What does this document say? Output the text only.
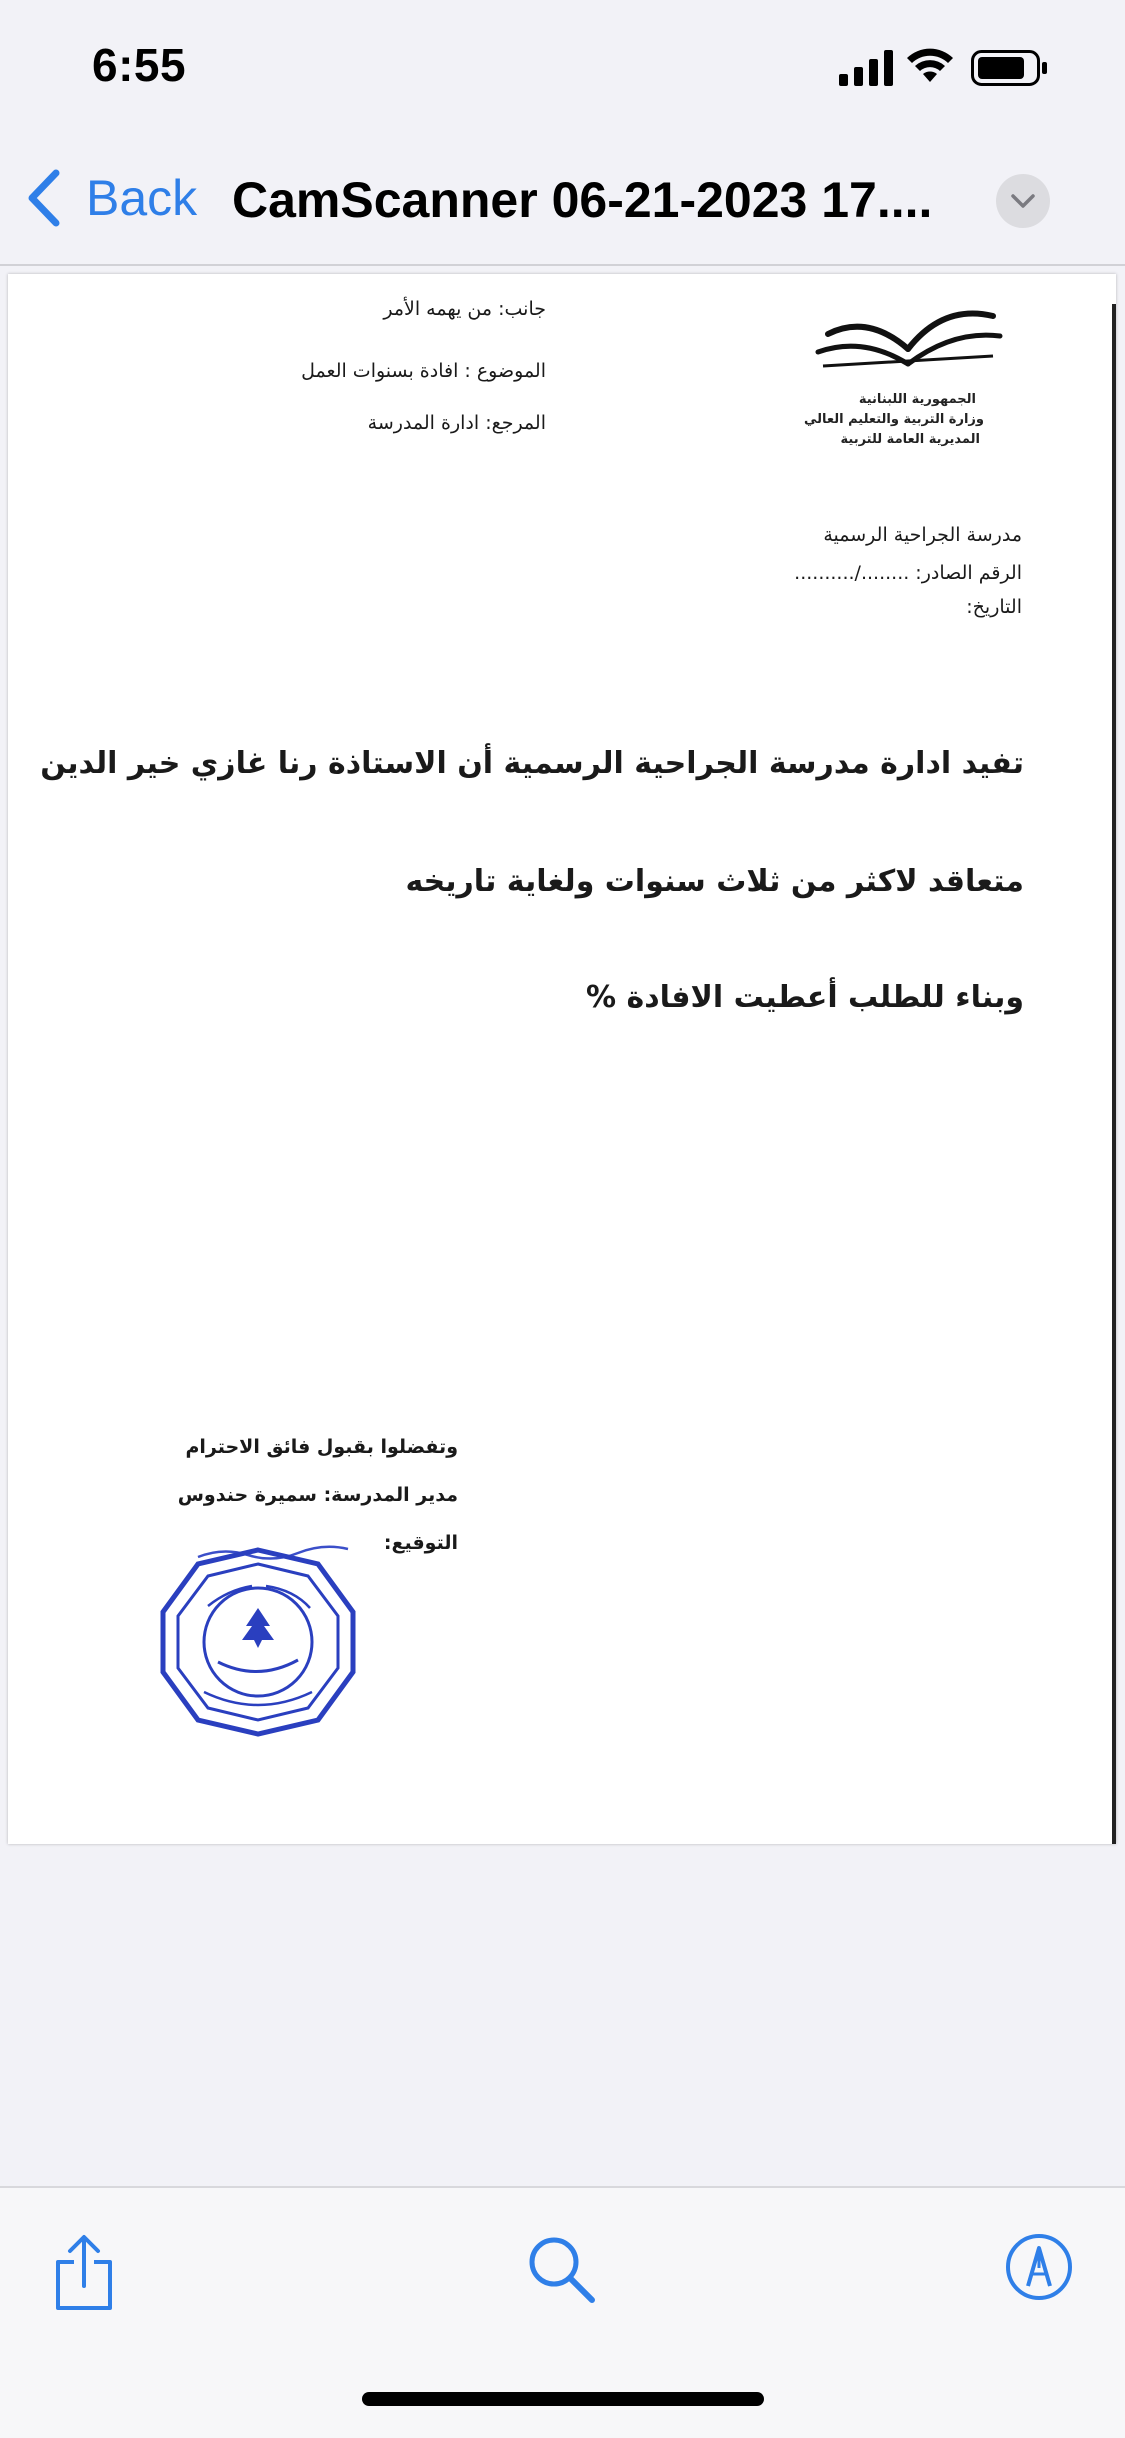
6:55
Back CamScanner 06-21-2023 17....
جانب: من يهمه الأمر
الموضوع : افادة بسنوات العمل
المرجع: ادارة المدرسة
الجمهورية اللبنانية
وزارة التربية والتعليم العالي
المديرية العامة للتربية
مدرسة الجراحية الرسمية
الرقم الصادر: ......../..........
التاريخ:
تفيد ادارة مدرسة الجراحية الرسمية أن الاستاذة رنا غازي خير الدين
متعاقد لاكثر من ثلاث سنوات ولغاية تاريخه
وبناء للطلب أعطيت الافادة %
وتفضلوا بقبول فائق الاحترام
مدير المدرسة: سميرة حندوس
التوقيع:
